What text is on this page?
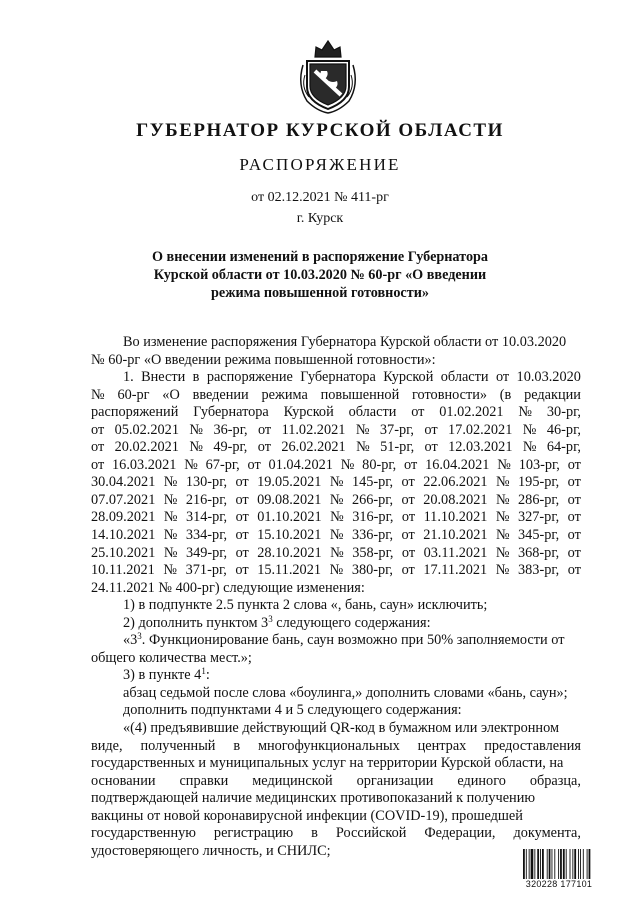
ГУБЕРНАТОР КУРСКОЙ ОБЛАСТИ
РАСПОРЯЖЕНИЕ
от 02.12.2021 № 411-рг
г. Курск
О внесении изменений в распоряжение Губернатора
Курской области от 10.03.2020 № 60-рг «О введении
режима повышенной готовности»
Во изменение распоряжения Губернатора Курской области от 10.03.2020
№ 60-рг «О введении режима повышенной готовности»:
1. Внести в распоряжение Губернатора Курской области от 10.03.2020
№ 60-рг «О введении режима повышенной готовности» (в редакции
распоряжений Губернатора Курской области от 01.02.2021 № 30-рг,
от 05.02.2021 № 36-рг, от 11.02.2021 № 37-рг, от 17.02.2021 № 46-рг,
от 20.02.2021 № 49-рг, от 26.02.2021 № 51-рг, от 12.03.2021 № 64-рг,
от 16.03.2021 № 67-рг, от 01.04.2021 № 80-рг, от 16.04.2021 № 103-рг, от
30.04.2021 № 130-рг, от 19.05.2021 № 145-рг, от 22.06.2021 № 195-рг, от
07.07.2021 № 216-рг, от 09.08.2021 № 266-рг, от 20.08.2021 № 286-рг, от
28.09.2021 № 314-рг, от 01.10.2021 № 316-рг, от 11.10.2021 № 327-рг, от
14.10.2021 № 334-рг, от 15.10.2021 № 336-рг, от 21.10.2021 № 345-рг, от
25.10.2021 № 349-рг, от 28.10.2021 № 358-рг, от 03.11.2021 № 368-рг, от
10.11.2021 № 371-рг, от 15.11.2021 № 380-рг, от 17.11.2021 № 383-рг, от
24.11.2021 № 400-рг) следующие изменения:
1) в подпункте 2.5 пункта 2 слова «, бань, саун» исключить;
2) дополнить пунктом $3^3$ следующего содержания:
«$3^3$. Функционирование бань, саун возможно при 50% заполняемости от
общего количества мест.»;
3) в пункте $4^1$:
абзац седьмой после слова «боулинга,» дополнить словами «бань, саун»;
дополнить подпунктами 4 и 5 следующего содержания:
«(4) предъявившие действующий QR-код в бумажном или электронном
виде, полученный в многофункциональных центрах предоставления
государственных и муниципальных услуг на территории Курской области, на
основании справки медицинской организации единого образца,
подтверждающей наличие медицинских противопоказаний к получению
вакцины от новой коронавирусной инфекции (COVID-19), прошедшей
государственную регистрацию в Российской Федерации, документа,
удостоверяющего личность, и СНИЛС;
320228 177101
